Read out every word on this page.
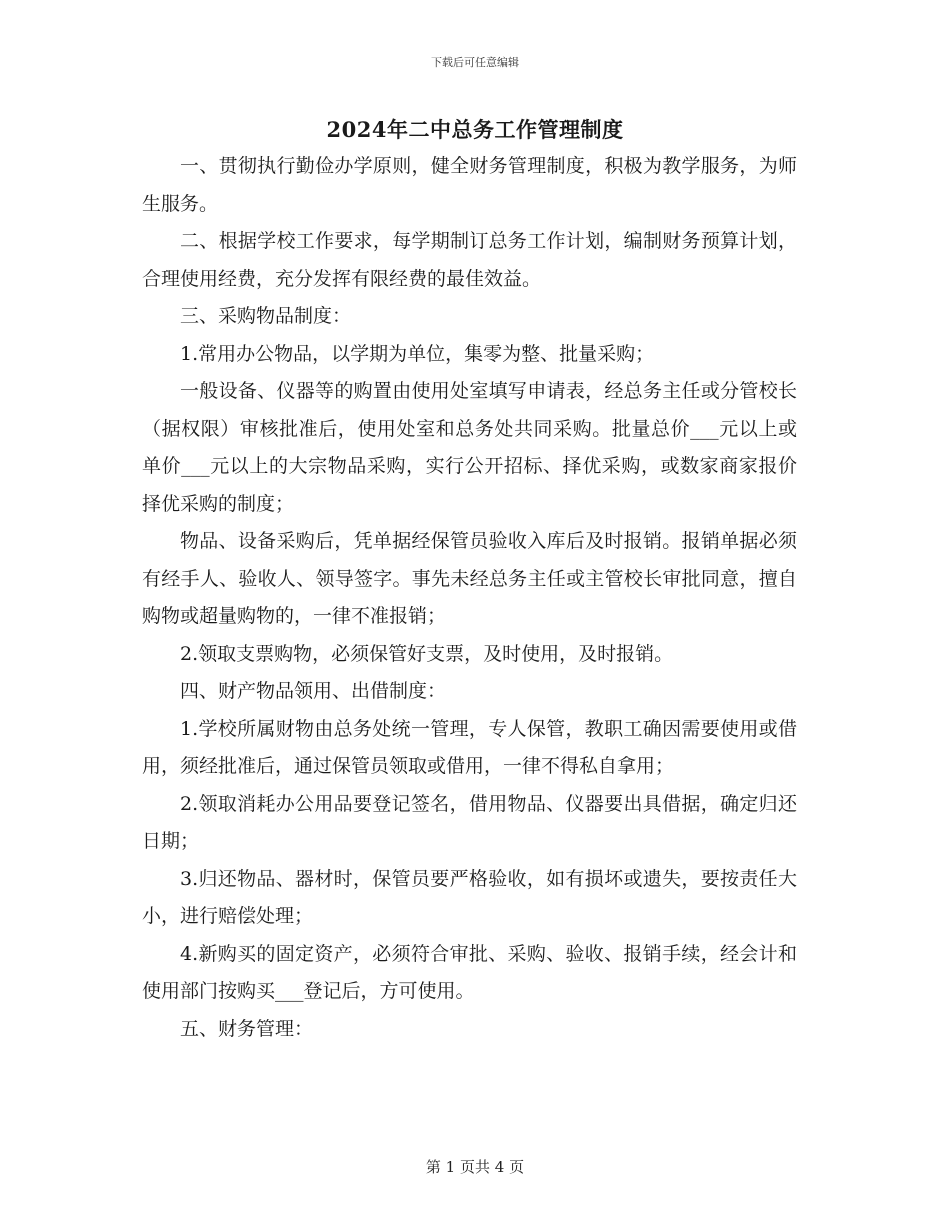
下载后可任意编辑
2024年二中总务工作管理制度

一、贯彻执行勤俭办学原则，健全财务管理制度，积极为教学服务，为师生服务。

二、根据学校工作要求，每学期制订总务工作计划，编制财务预算计划，合理使用经费，充分发挥有限经费的最佳效益。

三、采购物品制度：

1.常用办公物品，以学期为单位，集零为整、批量采购；

一般设备、仪器等的购置由使用处室填写申请表，经总务主任或分管校长（据权限）审核批准后，使用处室和总务处共同采购。批量总价___元以上或单价___元以上的大宗物品采购，实行公开招标、择优采购，或数家商家报价择优采购的制度；

物品、设备采购后，凭单据经保管员验收入库后及时报销。报销单据必须有经手人、验收人、领导签字。事先未经总务主任或主管校长审批同意，擅自购物或超量购物的，一律不准报销；

2.领取支票购物，必须保管好支票，及时使用，及时报销。

四、财产物品领用、出借制度：

1.学校所属财物由总务处统一管理，专人保管，教职工确因需要使用或借用，须经批准后，通过保管员领取或借用，一律不得私自拿用；

2.领取消耗办公用品要登记签名，借用物品、仪器要出具借据，确定归还日期；

3.归还物品、器材时，保管员要严格验收，如有损坏或遗失，要按责任大小，进行赔偿处理；

4.新购买的固定资产，必须符合审批、采购、验收、报销手续，经会计和使用部门按购买___登记后，方可使用。

五、财务管理：

第 1 页共 4 页
